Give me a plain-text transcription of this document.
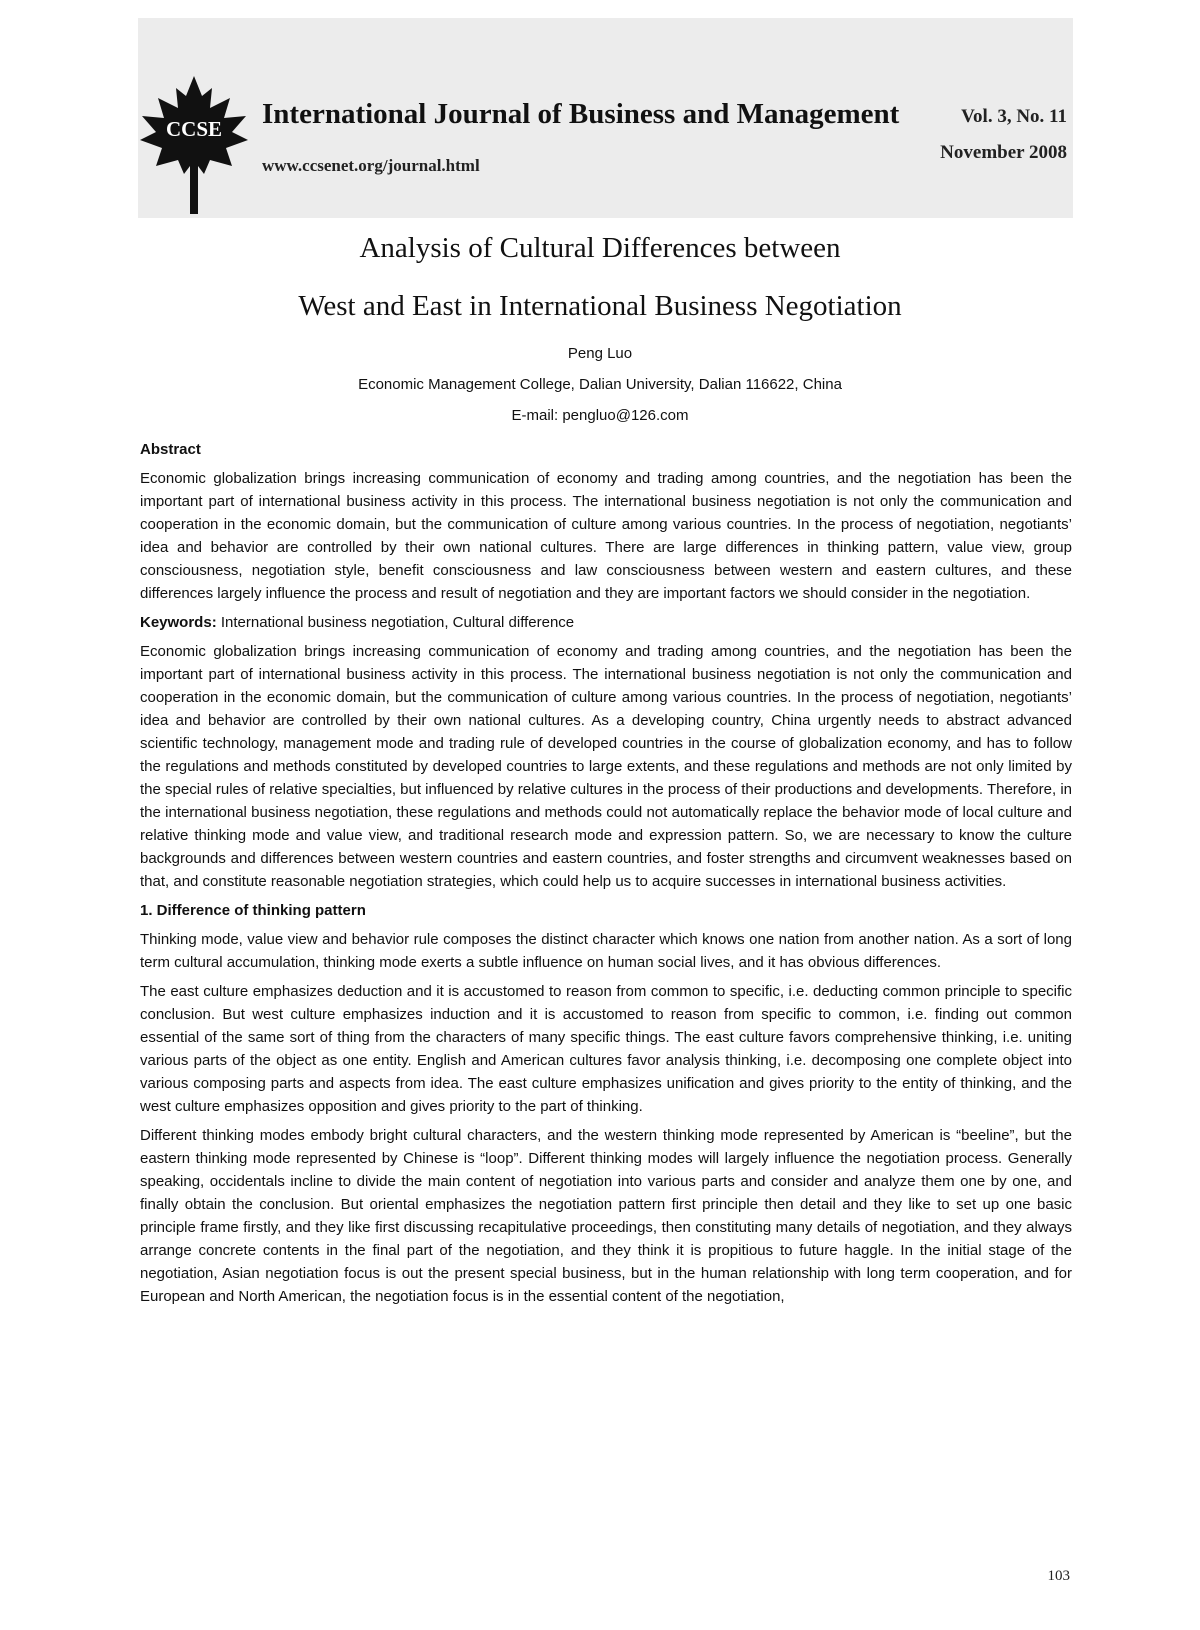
CCSE International Journal of Business and Management
www.ccsenet.org/journal.html
Vol. 3, No. 11
November 2008
Analysis of Cultural Differences between
West and East in International Business Negotiation
Peng Luo
Economic Management College, Dalian University, Dalian 116622, China
E-mail: pengluo@126.com
Abstract

Economic globalization brings increasing communication of economy and trading among countries, and the negotiation has been the important part of international business activity in this process. The international business negotiation is not only the communication and cooperation in the economic domain, but the communication of culture among various countries. In the process of negotiation, negotiants’ idea and behavior are controlled by their own national cultures. There are large differences in thinking pattern, value view, group consciousness, negotiation style, benefit consciousness and law consciousness between western and eastern cultures, and these differences largely influence the process and result of negotiation and they are important factors we should consider in the negotiation.

Keywords: International business negotiation, Cultural difference

Economic globalization brings increasing communication of economy and trading among countries, and the negotiation has been the important part of international business activity in this process. The international business negotiation is not only the communication and cooperation in the economic domain, but the communication of culture among various countries. In the process of negotiation, negotiants’ idea and behavior are controlled by their own national cultures. As a developing country, China urgently needs to abstract advanced scientific technology, management mode and trading rule of developed countries in the course of globalization economy, and has to follow the regulations and methods constituted by developed countries to large extents, and these regulations and methods are not only limited by the special rules of relative specialties, but influenced by relative cultures in the process of their productions and developments. Therefore, in the international business negotiation, these regulations and methods could not automatically replace the behavior mode of local culture and relative thinking mode and value view, and traditional research mode and expression pattern. So, we are necessary to know the culture backgrounds and differences between western countries and eastern countries, and foster strengths and circumvent weaknesses based on that, and constitute reasonable negotiation strategies, which could help us to acquire successes in international business activities.

1. Difference of thinking pattern

Thinking mode, value view and behavior rule composes the distinct character which knows one nation from another nation. As a sort of long term cultural accumulation, thinking mode exerts a subtle influence on human social lives, and it has obvious differences.

The east culture emphasizes deduction and it is accustomed to reason from common to specific, i.e. deducting common principle to specific conclusion. But west culture emphasizes induction and it is accustomed to reason from specific to common, i.e. finding out common essential of the same sort of thing from the characters of many specific things. The east culture favors comprehensive thinking, i.e. uniting various parts of the object as one entity. English and American cultures favor analysis thinking, i.e. decomposing one complete object into various composing parts and aspects from idea. The east culture emphasizes unification and gives priority to the entity of thinking, and the west culture emphasizes opposition and gives priority to the part of thinking.

Different thinking modes embody bright cultural characters, and the western thinking mode represented by American is “beeline”, but the eastern thinking mode represented by Chinese is “loop”. Different thinking modes will largely influence the negotiation process. Generally speaking, occidentals incline to divide the main content of negotiation into various parts and consider and analyze them one by one, and finally obtain the conclusion. But oriental emphasizes the negotiation pattern first principle then detail and they like to set up one basic principle frame firstly, and they like first discussing recapitulative proceedings, then constituting many details of negotiation, and they always arrange concrete contents in the final part of the negotiation, and they think it is propitious to future haggle. In the initial stage of the negotiation, Asian negotiation focus is out the present special business, but in the human relationship with long term cooperation, and for European and North American, the negotiation focus is in the essential content of the negotiation,

103
